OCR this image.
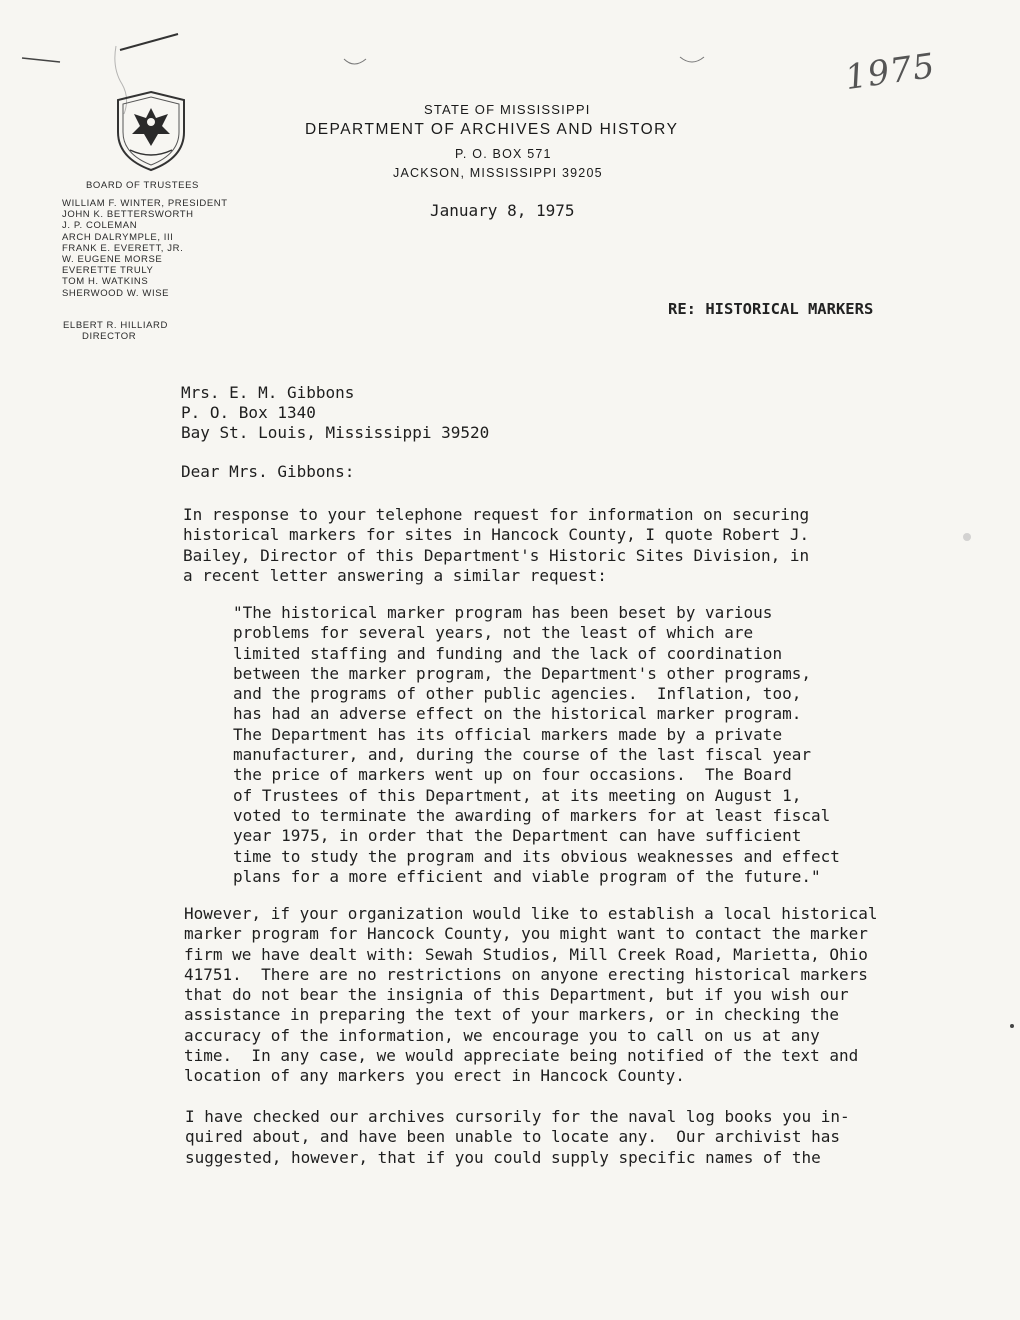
BOARD OF TRUSTEES
WILLIAM F. WINTER, PRESIDENT
JOHN K. BETTERSWORTH
J. P. COLEMAN
ARCH DALRYMPLE, III
FRANK E. EVERETT, JR.
W. EUGENE MORSE
EVERETTE TRULY
TOM H. WATKINS
SHERWOOD W. WISE
ELBERT R. HILLIARD
DIRECTOR
STATE OF MISSISSIPPI
DEPARTMENT OF ARCHIVES AND HISTORY
P. O. BOX 571
JACKSON, MISSISSIPPI 39205
1975
January 8, 1975
RE: HISTORICAL MARKERS
Mrs. E. M. Gibbons
P. O. Box 1340
Bay St. Louis, Mississippi 39520
Dear Mrs. Gibbons:
In response to your telephone request for information on securing
historical markers for sites in Hancock County, I quote Robert J.
Bailey, Director of this Department's Historic Sites Division, in
a recent letter answering a similar request:
"The historical marker program has been beset by various
problems for several years, not the least of which are
limited staffing and funding and the lack of coordination
between the marker program, the Department's other programs,
and the programs of other public agencies.  Inflation, too,
has had an adverse effect on the historical marker program.
The Department has its official markers made by a private
manufacturer, and, during the course of the last fiscal year
the price of markers went up on four occasions.  The Board
of Trustees of this Department, at its meeting on August 1,
voted to terminate the awarding of markers for at least fiscal
year 1975, in order that the Department can have sufficient
time to study the program and its obvious weaknesses and effect
plans for a more efficient and viable program of the future."
However, if your organization would like to establish a local historical
marker program for Hancock County, you might want to contact the marker
firm we have dealt with: Sewah Studios, Mill Creek Road, Marietta, Ohio
41751.  There are no restrictions on anyone erecting historical markers
that do not bear the insignia of this Department, but if you wish our
assistance in preparing the text of your markers, or in checking the
accuracy of the information, we encourage you to call on us at any
time.  In any case, we would appreciate being notified of the text and
location of any markers you erect in Hancock County.
I have checked our archives cursorily for the naval log books you in-
quired about, and have been unable to locate any.  Our archivist has
suggested, however, that if you could supply specific names of the
